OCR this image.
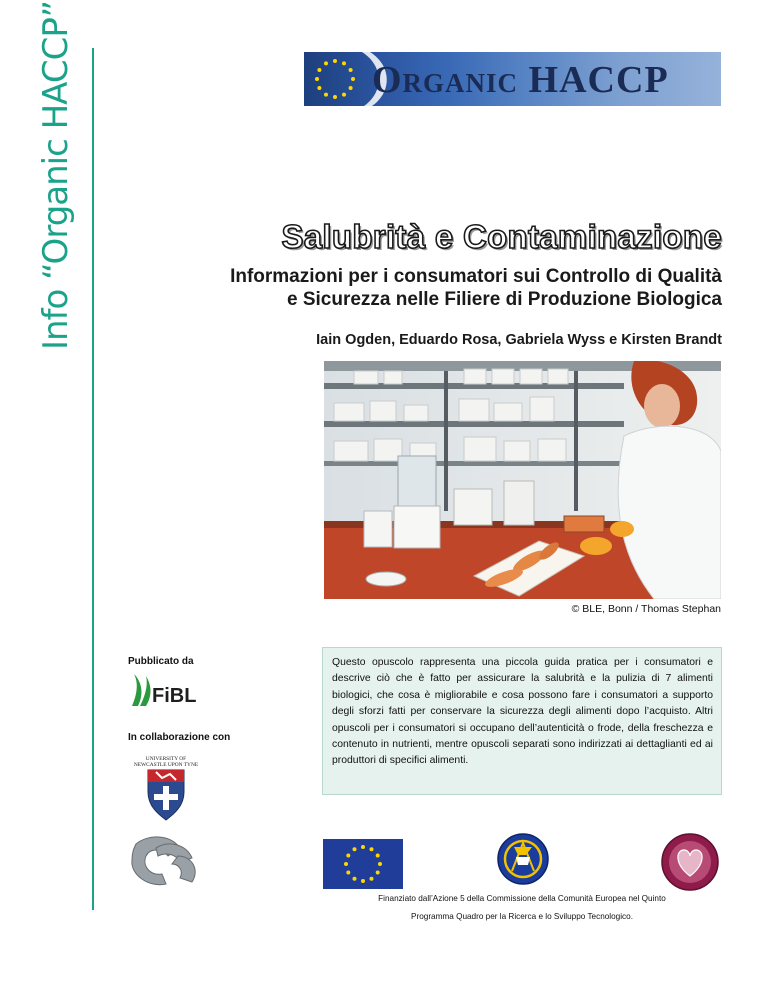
Info “Organic HACCP”	Organic HACCP
Salubrità e Contaminazione
Informazioni per i consumatori sui Controllo di Qualità
e Sicurezza nelle Filiere di Produzione Biologica
Iain Ogden, Eduardo Rosa, Gabriela Wyss e Kirsten Brandt
© BLE, Bonn / Thomas Stephan
Pubblicato da
FiBL
In collaborazione con
UNIVERSITY OF
NEWCASTLE UPON TYNE
Questo opuscolo rappresenta una piccola guida pratica per i consumatori e descrive ciò che è fatto per assicurare la salubrità e la pulizia di 7 alimenti biologici, che cosa è migliorabile e cosa possono fare i consumatori a supporto degli sforzi fatti per conservare la sicurezza degli alimenti dopo l’acquisto. Altri opuscoli per i consumatori si occupano dell’autenticità o frode, della freschezza e contenuto in nutrienti, mentre opuscoli separati sono indirizzati ai dettaglianti ed ai produttori di specifici alimenti.
Finanziato dall’Azione 5 della Commissione della Comunità Europea nel Quinto
Programma Quadro per la Ricerca e lo Sviluppo Tecnologico.
